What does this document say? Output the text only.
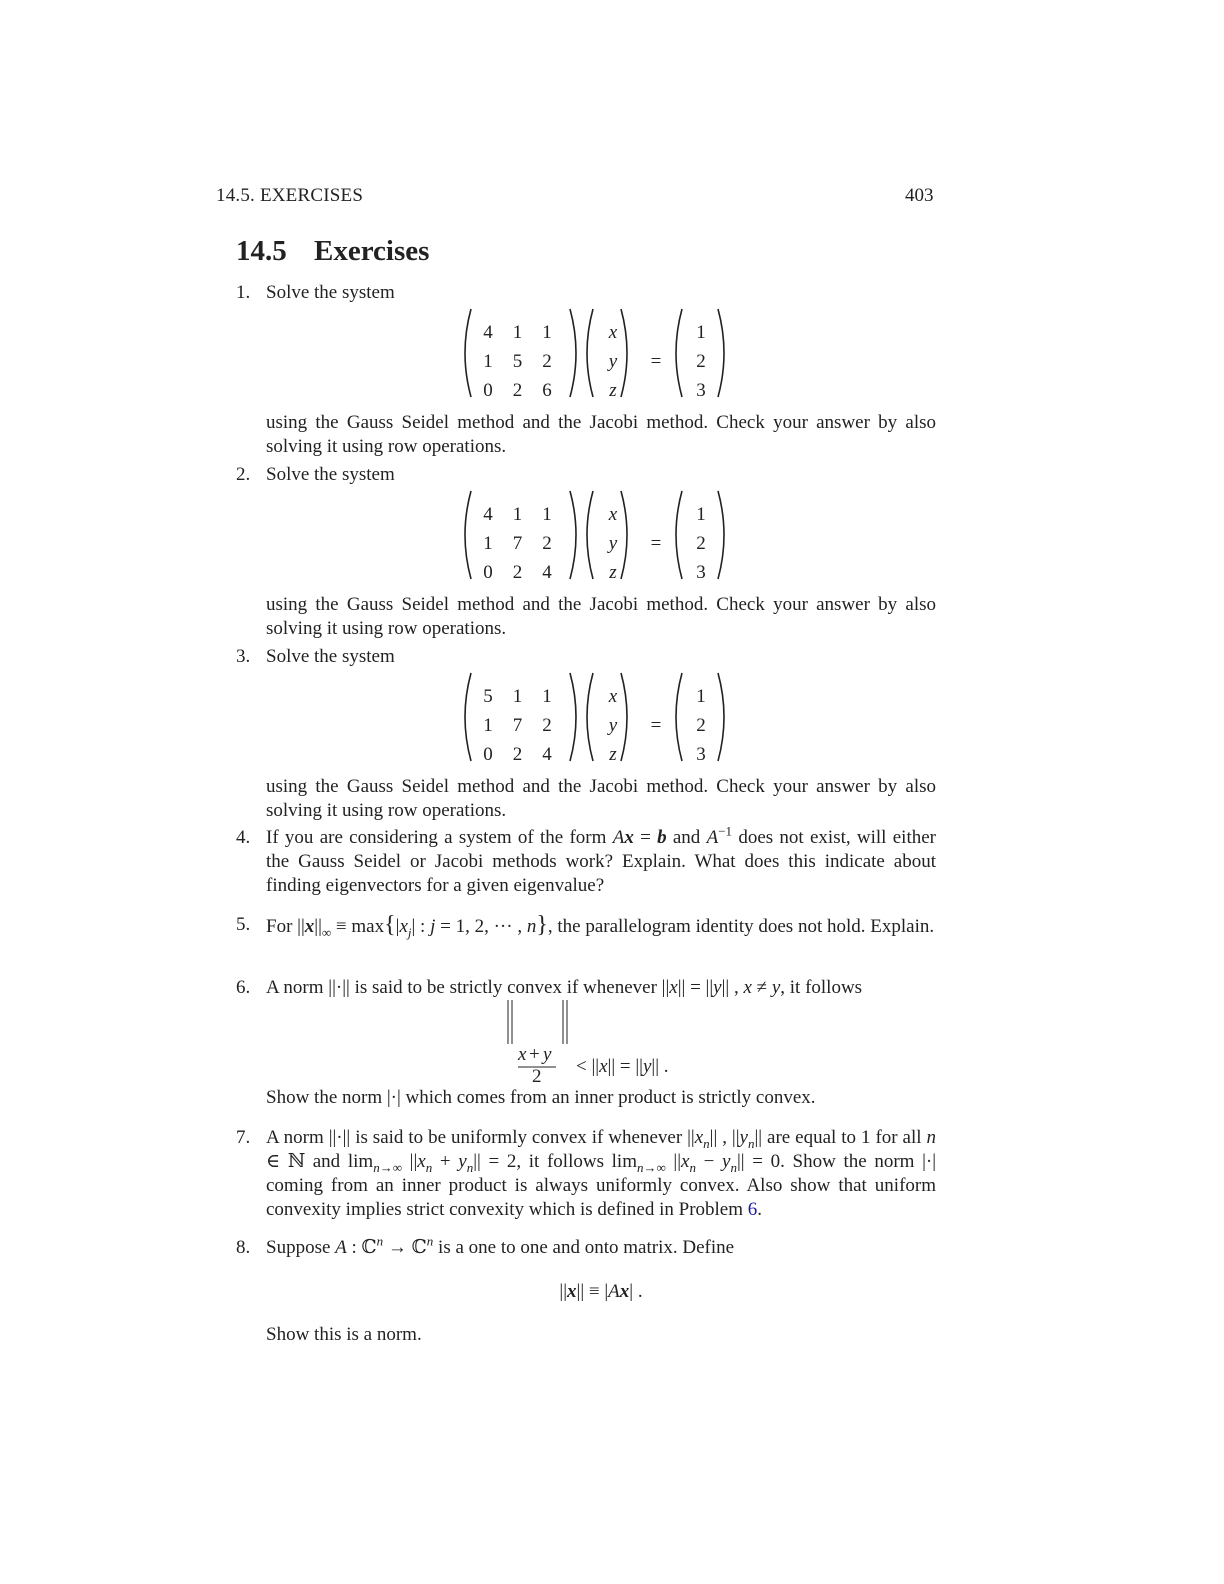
14.5. EXERCISES	403
14.5 Exercises
1. Solve the system

4 1 1
1 5 2
0 2 6
x
y
z
=
1
2
3

using the Gauss Seidel method and the Jacobi method. Check your answer by also solving it using row operations.

2. Solve the system

4 1 1
1 7 2
0 2 4
x
y
z
=
1
2
3

using the Gauss Seidel method and the Jacobi method. Check your answer by also solving it using row operations.

3. Solve the system

5 1 1
1 7 2
0 2 4
x
y
z
=
1
2
3

using the Gauss Seidel method and the Jacobi method. Check your answer by also solving it using row operations.

4. If you are considering a system of the form Ax = b and $A^{-1}$ does not exist, will either the Gauss Seidel or Jacobi methods work? Explain. What does this indicate about finding eigenvectors for a given eigenvalue?
5. For $||x||_\infty \equiv \max\{|x_j|$ : j = 1, 2, ··· , n}, the parallelogram identity does not hold. Explain.
6. A norm ||·|| is said to be strictly convex if whenever ||x|| = ||y|| , x ≠ y, it follows

x + y
2 < ||x|| = ||y|| .

Show the norm |·| which comes from an inner product is strictly convex.

7. A norm ||·|| is said to be uniformly convex if whenever $||x_n||$ , $||y_n||$ are equal to 1 for all n ∈ ℕ and $\lim_{n\to\infty} ||x_n + y_n|| = 2$, it follows $\lim_{n\to\infty} ||x_n - y_n|| = 0$. Show the norm |·| coming from an inner product is always uniformly convex. Also show that uniform convexity implies strict convexity which is defined in Problem 6.
8. Suppose A : ℂ$^n$ → ℂ$^n$ is a one to one and onto matrix. Define

||x|| ≡ |Ax| .

Show this is a norm.
